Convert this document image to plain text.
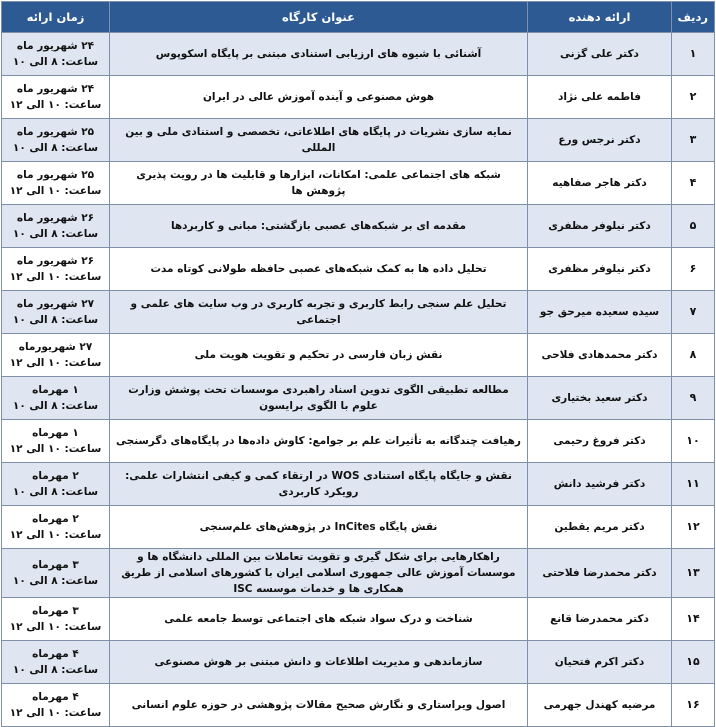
ردیف	ارائه دهنده	عنوان کارگاه	زمان ارائه
۱	دکتر علی گزنی	آشنائی با شیوه های ارزیابی استنادی مبتنی بر پایگاه اسکوپوس	۲۴ شهریور ماه
ساعت: ۸ الی ۱۰

۲	فاطمه علی نژاد	هوش مصنوعی و آینده آموزش عالی در ایران	۲۴ شهریور ماه
ساعت: ۱۰ الی ۱۲

۳	دکتر نرجس ورع	نمایه سازی نشریات در پایگاه های اطلاعاتی، تخصصی و استنادی ملی و بین المللی	۲۵ شهریور ماه
ساعت: ۸ الی ۱۰

۴	دکتر هاجر صفاهیه	شبکه های اجتماعی علمی: امکانات، ابزارها و قابلیت ها در رویت پذیری پژوهش ها	۲۵ شهریور ماه
ساعت: ۱۰ الی ۱۲

۵	دکتر نیلوفر مظفری	مقدمه ای بر شبکه‌های عصبی بازگشتی: مبانی و کاربردها	۲۶ شهریور ماه
ساعت: ۸ الی ۱۰

۶	دکتر نیلوفر مظفری	تحلیل داده ها به کمک شبکه‌های عصبی حافظه طولانی کوتاه مدت	۲۶ شهریور ماه
ساعت: ۱۰ الی ۱۲

۷	سیده سعیده میرحق جو	تحلیل علم سنجی رابط کاربری و تجربه کاربری در وب سایت های علمی و اجتماعی	۲۷ شهریور ماه
ساعت: ۸ الی ۱۰

۸	دکتر محمدهادی فلاحی	نقش زبان فارسی در تحکیم و تقویت هویت ملی	۲۷ شهریورماه
ساعت: ۱۰ الی ۱۲

۹	دکتر سعید بختیاری	مطالعه تطبیقی الگوی تدوین اسناد راهبردی موسسات تحت پوشش وزارت علوم با الگوی برایسون	۱ مهرماه
ساعت: ۸ الی ۱۰

۱۰	دکتر فروغ رحیمی	رهیافت چندگانه به تأثیرات علم بر جوامع: کاوش داده‌ها در پایگاه‌های دگرسنجی	۱ مهرماه
ساعت: ۱۰ الی ۱۲

۱۱	دکتر فرشید دانش	نقش و جایگاه پایگاه استنادی WOS در ارتقاء کمی و کیفی انتشارات علمی: رویکرد کاربردی	۲ مهرماه
ساعت: ۸ الی ۱۰

۱۲	دکتر مریم یقطین	نقش پایگاه InCites در پژوهش‌های علم‌سنجی	۲ مهرماه
ساعت: ۱۰ الی ۱۲

۱۳	دکتر محمدرضا فلاحتی	راهکارهایی برای شکل گیری و تقویت تعاملات بین المللی دانشگاه ها و موسسات آموزش عالی جمهوری اسلامی ایران با کشورهای اسلامی از طریق همکاری ها و خدمات موسسه ISC	۳ مهرماه
ساعت: ۸ الی ۱۰

۱۴	دکتر محمدرضا قانع	شناخت و درک سواد شبکه های اجتماعی توسط جامعه علمی	۳ مهرماه
ساعت: ۱۰ الی ۱۲

۱۵	دکتر اکرم فتحیان	سازماندهی و مدیریت اطلاعات و دانش مبتنی بر هوش مصنوعی	۴ مهرماه
ساعت: ۸ الی ۱۰

۱۶	مرضیه کهندل جهرمی	اصول ویراستاری و نگارش صحیح مقالات پژوهشی در حوزه علوم انسانی	۴ مهرماه
ساعت: ۱۰ الی ۱۲
